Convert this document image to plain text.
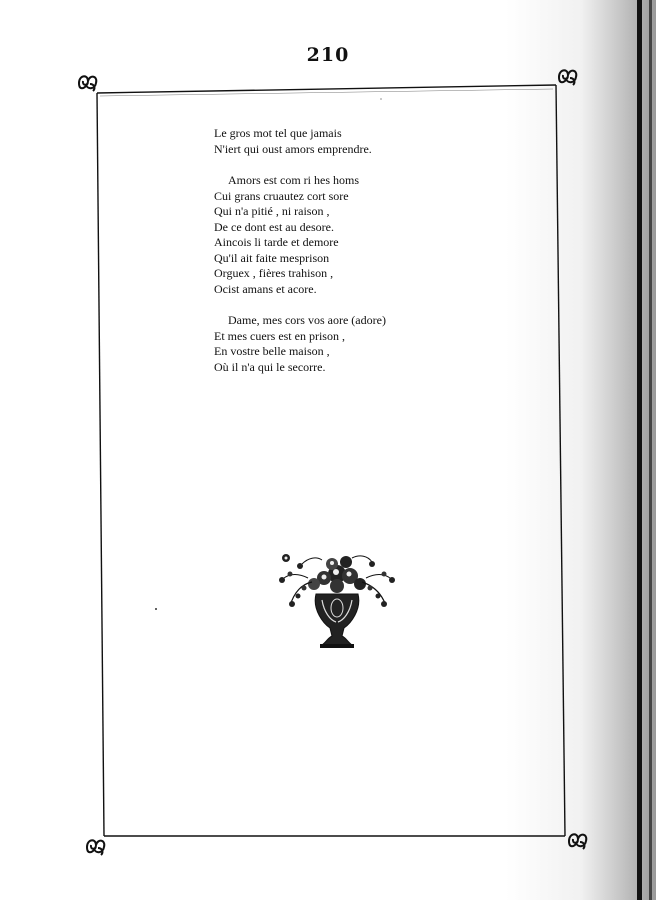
210
Le gros mot tel que jamais
N'iert qui oust amors emprendre.
Amors est com ri hes homs
Cui grans cruautez cort sore
Qui n'a pitié , ni raison ,
De ce dont est au desore.
Aincois li tarde et demore
Qu'il ait faite mesprison
Orguex , fières trahison ,
Ocist amans et acore.
Dame, mes cors vos aore (adore)
Et mes cuers est en prison ,
En vostre belle maison ,
Où il n'a qui le secorre.
